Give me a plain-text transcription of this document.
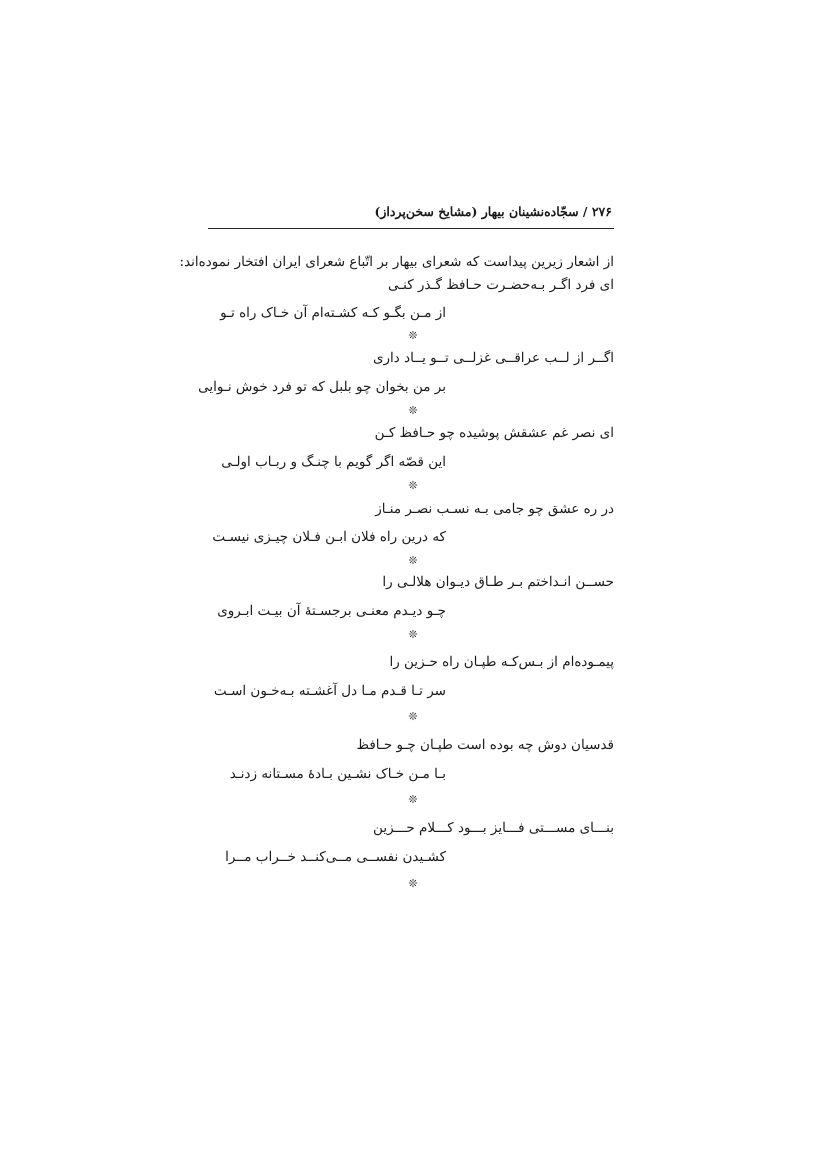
۲۷۶ / سجّاده‌نشینان بیهار (مشایخ سخن‌پرداز)
از اشعار زیرین پیداست که شعرای بیهار بر اتّباع شعرای ایران افتخار نموده‌اند:
ای فرد اگـر بـه‌حضـرت حـافظ گـذر کنـی
از مـن بگـو کـه کشـته‌ام آن خـاک راه تـو
❊
اگــر از لــب عراقــی غزلــی تــو یــاد داری
بر من بخوان چو بلبل که تو فرد خوش نـوایی
❊
ای نصر غم عشقش پوشیده چو حـافظ کـن
این قصّه اگر گویم با چنـگ و ربـاب اولـی
❊
در ره عشق چو جامی بـه نسـب نصـر منـاز
که درین راه فلان ابـن فـلان چیـزی نیسـت
❊
حســن انـداختم بـر طـاق دیـوان هلالـی را
چـو دیـدم معنـی برجسـتهٔ آن بیـت ابـروی
❊
پیمـوده‌ام از بـس‌کـه طپـان راه حـزین را
سر تـا قـدم مـا دل آغشـته بـه‌خـون اسـت
❊
قدسیان دوش چه بوده است طپـان چـو حـافظ
بـا مـن خـاک نشـین بـادهٔ مسـتانه زدنـد
❊
بنـــای مســـتی فـــایز بـــود کـــلام حـــزین
کشـیدن نفســی مــی‌کنــد خــراب مــرا
❊
